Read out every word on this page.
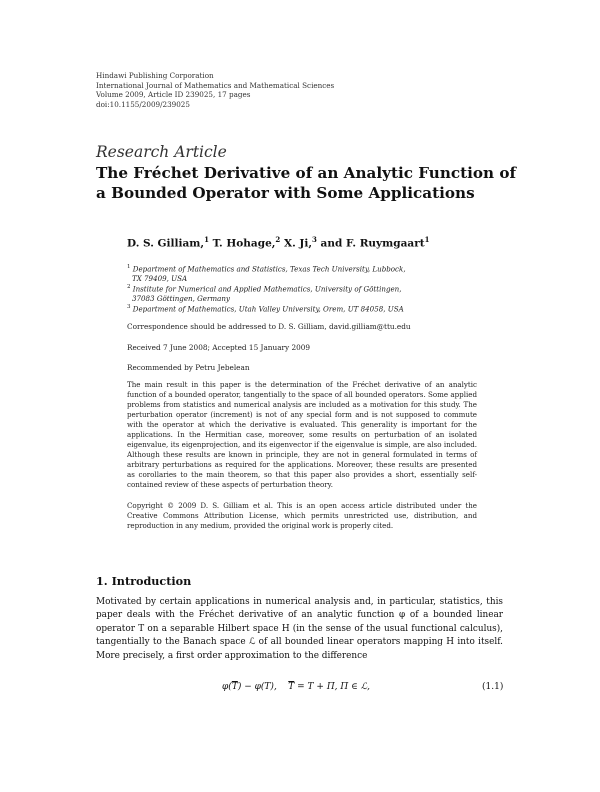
Hindawi Publishing Corporation
International Journal of Mathematics and Mathematical Sciences
Volume 2009, Article ID 239025, 17 pages
doi:10.1155/2009/239025
Research Article
The Fréchet Derivative of an Analytic Function of a Bounded Operator with Some Applications
D. S. Gilliam,$^1$ T. Hohage,$^2$ X. Ji,$^3$ and F. Ruymgaart$^1$
$^1$ Department of Mathematics and Statistics, Texas Tech University, Lubbock,
TX 79409, USA
$^2$ Institute for Numerical and Applied Mathematics, University of Göttingen,
37083 Göttingen, Germany
$^3$ Department of Mathematics, Utah Valley University, Orem, UT 84058, USA
Correspondence should be addressed to D. S. Gilliam, david.gilliam@ttu.edu
Received 7 June 2008; Accepted 15 January 2009
Recommended by Petru Jebelean
The main result in this paper is the determination of the Fréchet derivative of an analytic function of a bounded operator, tangentially to the space of all bounded operators. Some applied problems from statistics and numerical analysis are included as a motivation for this study. The perturbation operator (increment) is not of any special form and is not supposed to commute with the operator at which the derivative is evaluated. This generality is important for the applications. In the Hermitian case, moreover, some results on perturbation of an isolated eigenvalue, its eigenprojection, and its eigenvector if the eigenvalue is simple, are also included. Although these results are known in principle, they are not in general formulated in terms of arbitrary perturbations as required for the applications. Moreover, these results are presented as corollaries to the main theorem, so that this paper also provides a short, essentially self-contained review of these aspects of perturbation theory.
Copyright © 2009 D. S. Gilliam et al. This is an open access article distributed under the Creative Commons Attribution License, which permits unrestricted use, distribution, and reproduction in any medium, provided the original work is properly cited.
1. Introduction
Motivated by certain applications in numerical analysis and, in particular, statistics, this paper deals with the Fréchet derivative of an analytic function φ of a bounded linear operator T on a separable Hilbert space H (in the sense of the usual functional calculus), tangentially to the Banach space ℒ of all bounded linear operators mapping H into itself. More precisely, a first order approximation to the difference
$\varphi(\overline{T}) - \varphi(T)$, $\overline{T} = T + \Pi$, Π ∈ ℒ,	(1.1)
